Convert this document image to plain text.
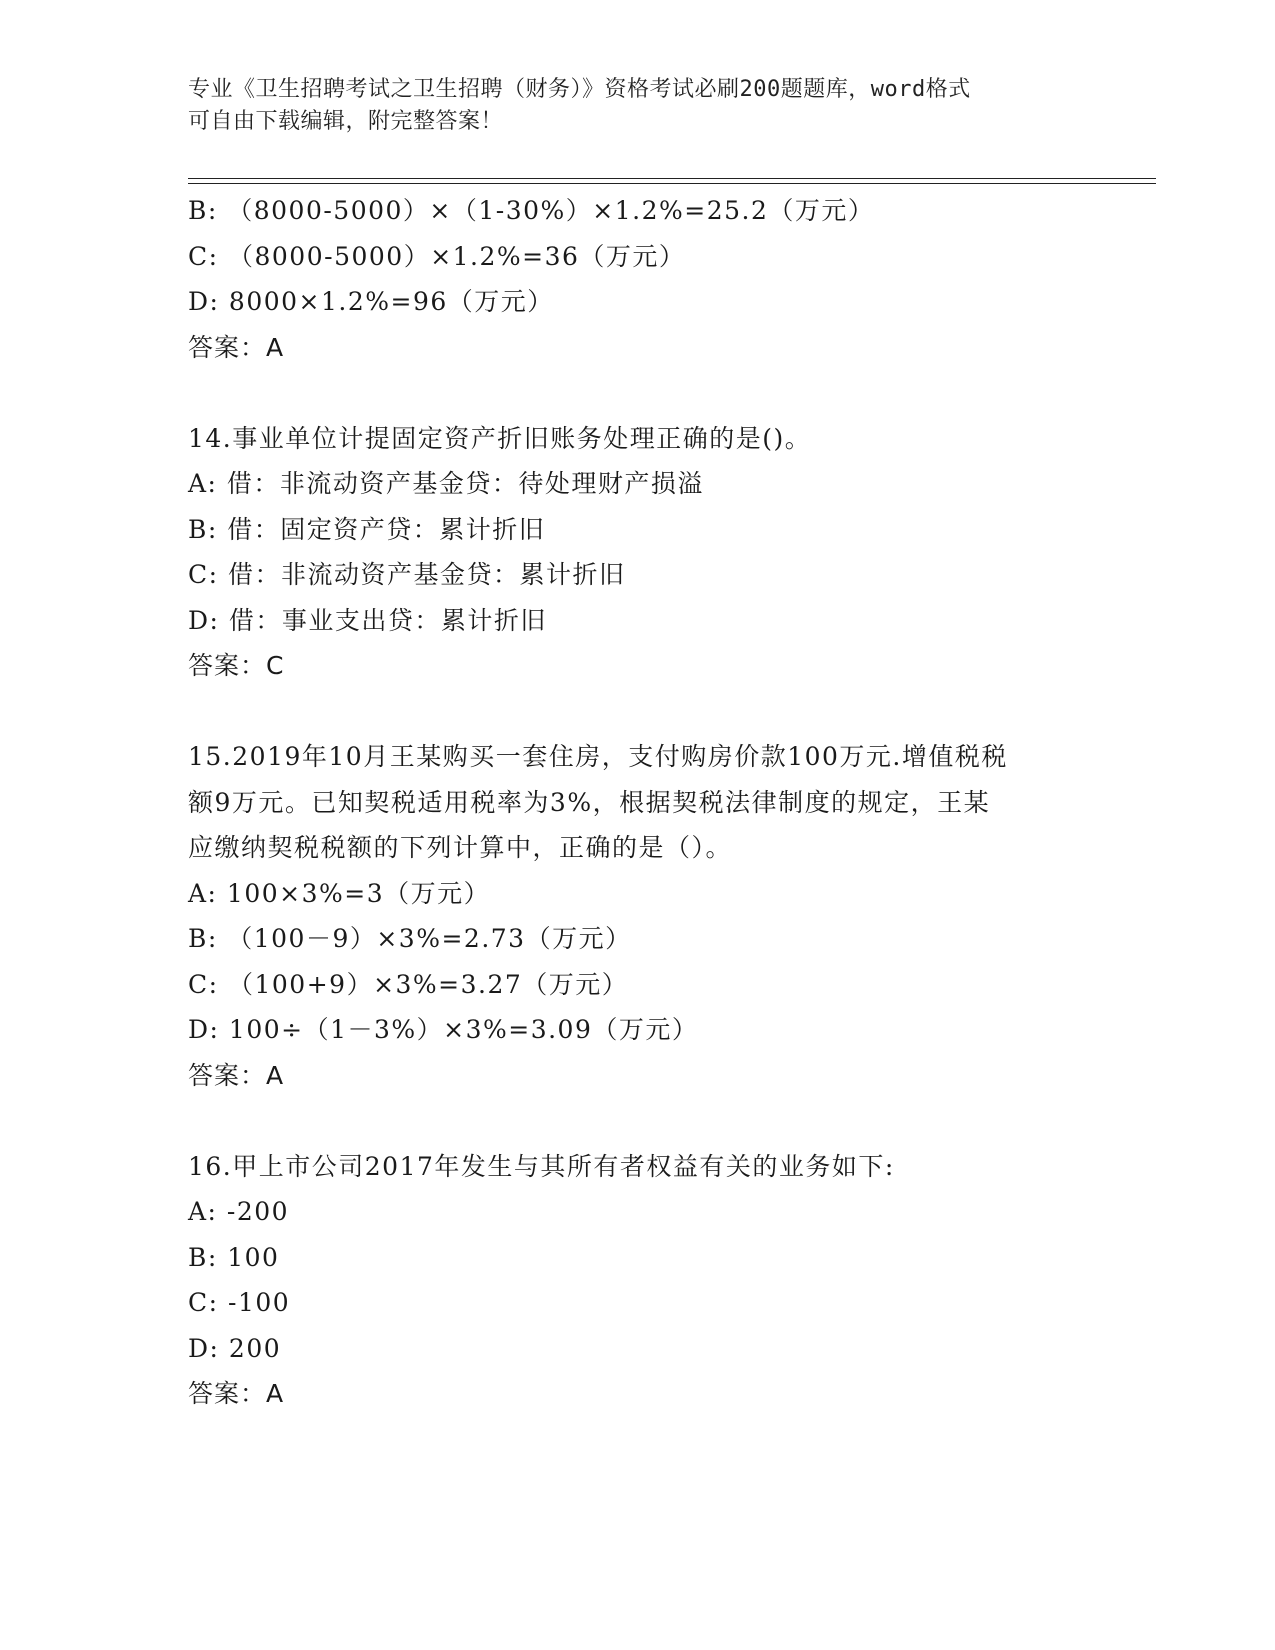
专业《卫生招聘考试之卫生招聘（财务）》资格考试必刷200题题库，word格式
可自由下载编辑，附完整答案！
B: （8000-5000）×（1-30%）×1.2%=25.2（万元）
C: （8000-5000）×1.2%=36（万元）
D: 8000×1.2%=96（万元）
答案：A
14.事业单位计提固定资产折旧账务处理正确的是()。
A: 借：非流动资产基金贷：待处理财产损溢
B: 借：固定资产贷：累计折旧
C: 借：非流动资产基金贷：累计折旧
D: 借：事业支出贷：累计折旧
答案：C
15.2019年10月王某购买一套住房，支付购房价款100万元.增值税税
额9万元。已知契税适用税率为3%，根据契税法律制度的规定，王某
应缴纳契税税额的下列计算中，正确的是（）。
A: 100×3%=3（万元）
B: （100－9）×3%=2.73（万元）
C: （100+9）×3%=3.27（万元）
D: 100÷（1－3%）×3%=3.09（万元）
答案：A
16.甲上市公司2017年发生与其所有者权益有关的业务如下:
A: -200
B: 100
C: -100
D: 200
答案：A
